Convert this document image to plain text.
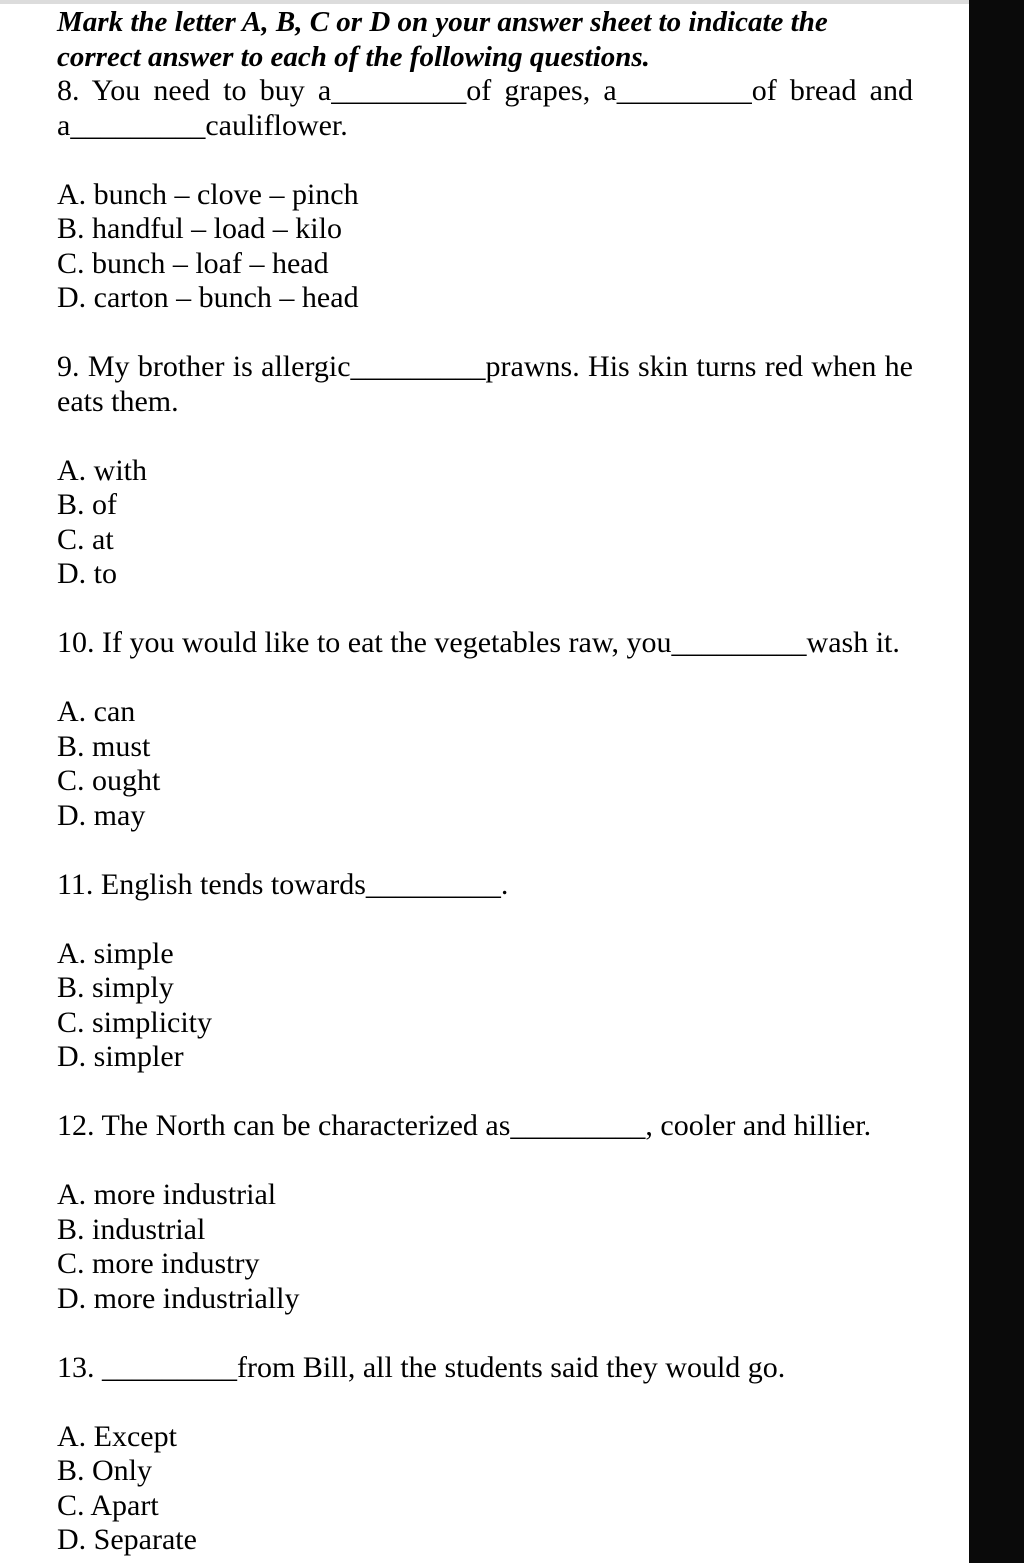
Mark the letter A, B, C or D on your answer sheet to indicate the
correct answer to each of the following questions.
8. You need to buy a_________of grapes, a_________of bread and
a_________cauliflower.
A. bunch – clove – pinch
B. handful – load – kilo
C. bunch – loaf – head
D. carton – bunch – head
9. My brother is allergic_________prawns. His skin turns red when he
eats them.
A. with
B. of
C. at
D. to
10. If you would like to eat the vegetables raw, you_________wash it.
A. can
B. must
C. ought
D. may
11. English tends towards_________.
A. simple
B. simply
C. simplicity
D. simpler
12. The North can be characterized as_________, cooler and hillier.
A. more industrial
B. industrial
C. more industry
D. more industrially
13. _________from Bill, all the students said they would go.
A. Except
B. Only
C. Apart
D. Separate
